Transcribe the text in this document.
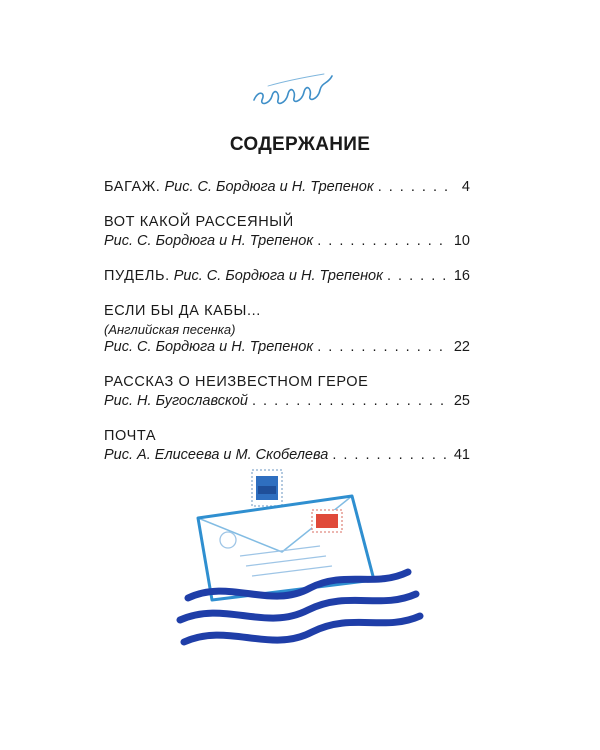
СОДЕРЖАНИЕ
БАГАЖ.
Рис. С. Бордюга и Н. Трепенок . . .	4
ВОТ КАКОЙ РАССЕЯНЫЙ
Рис. С. Бордюга и Н. Трепенок . . .	10
ПУДЕЛЬ.
Рис. С. Бордюга и Н. Трепенок . . .	16
ЕСЛИ БЫ ДА КАБЫ...
(Английская песенка)
Рис. С. Бордюга и Н. Трепенок . . .	22
РАССКАЗ О НЕИЗВЕСТНОМ ГЕРОЕ
Рис. Н. Бугославской . . .	25
ПОЧТА
Рис. А. Елисеева и М. Скобелева . . .	41
